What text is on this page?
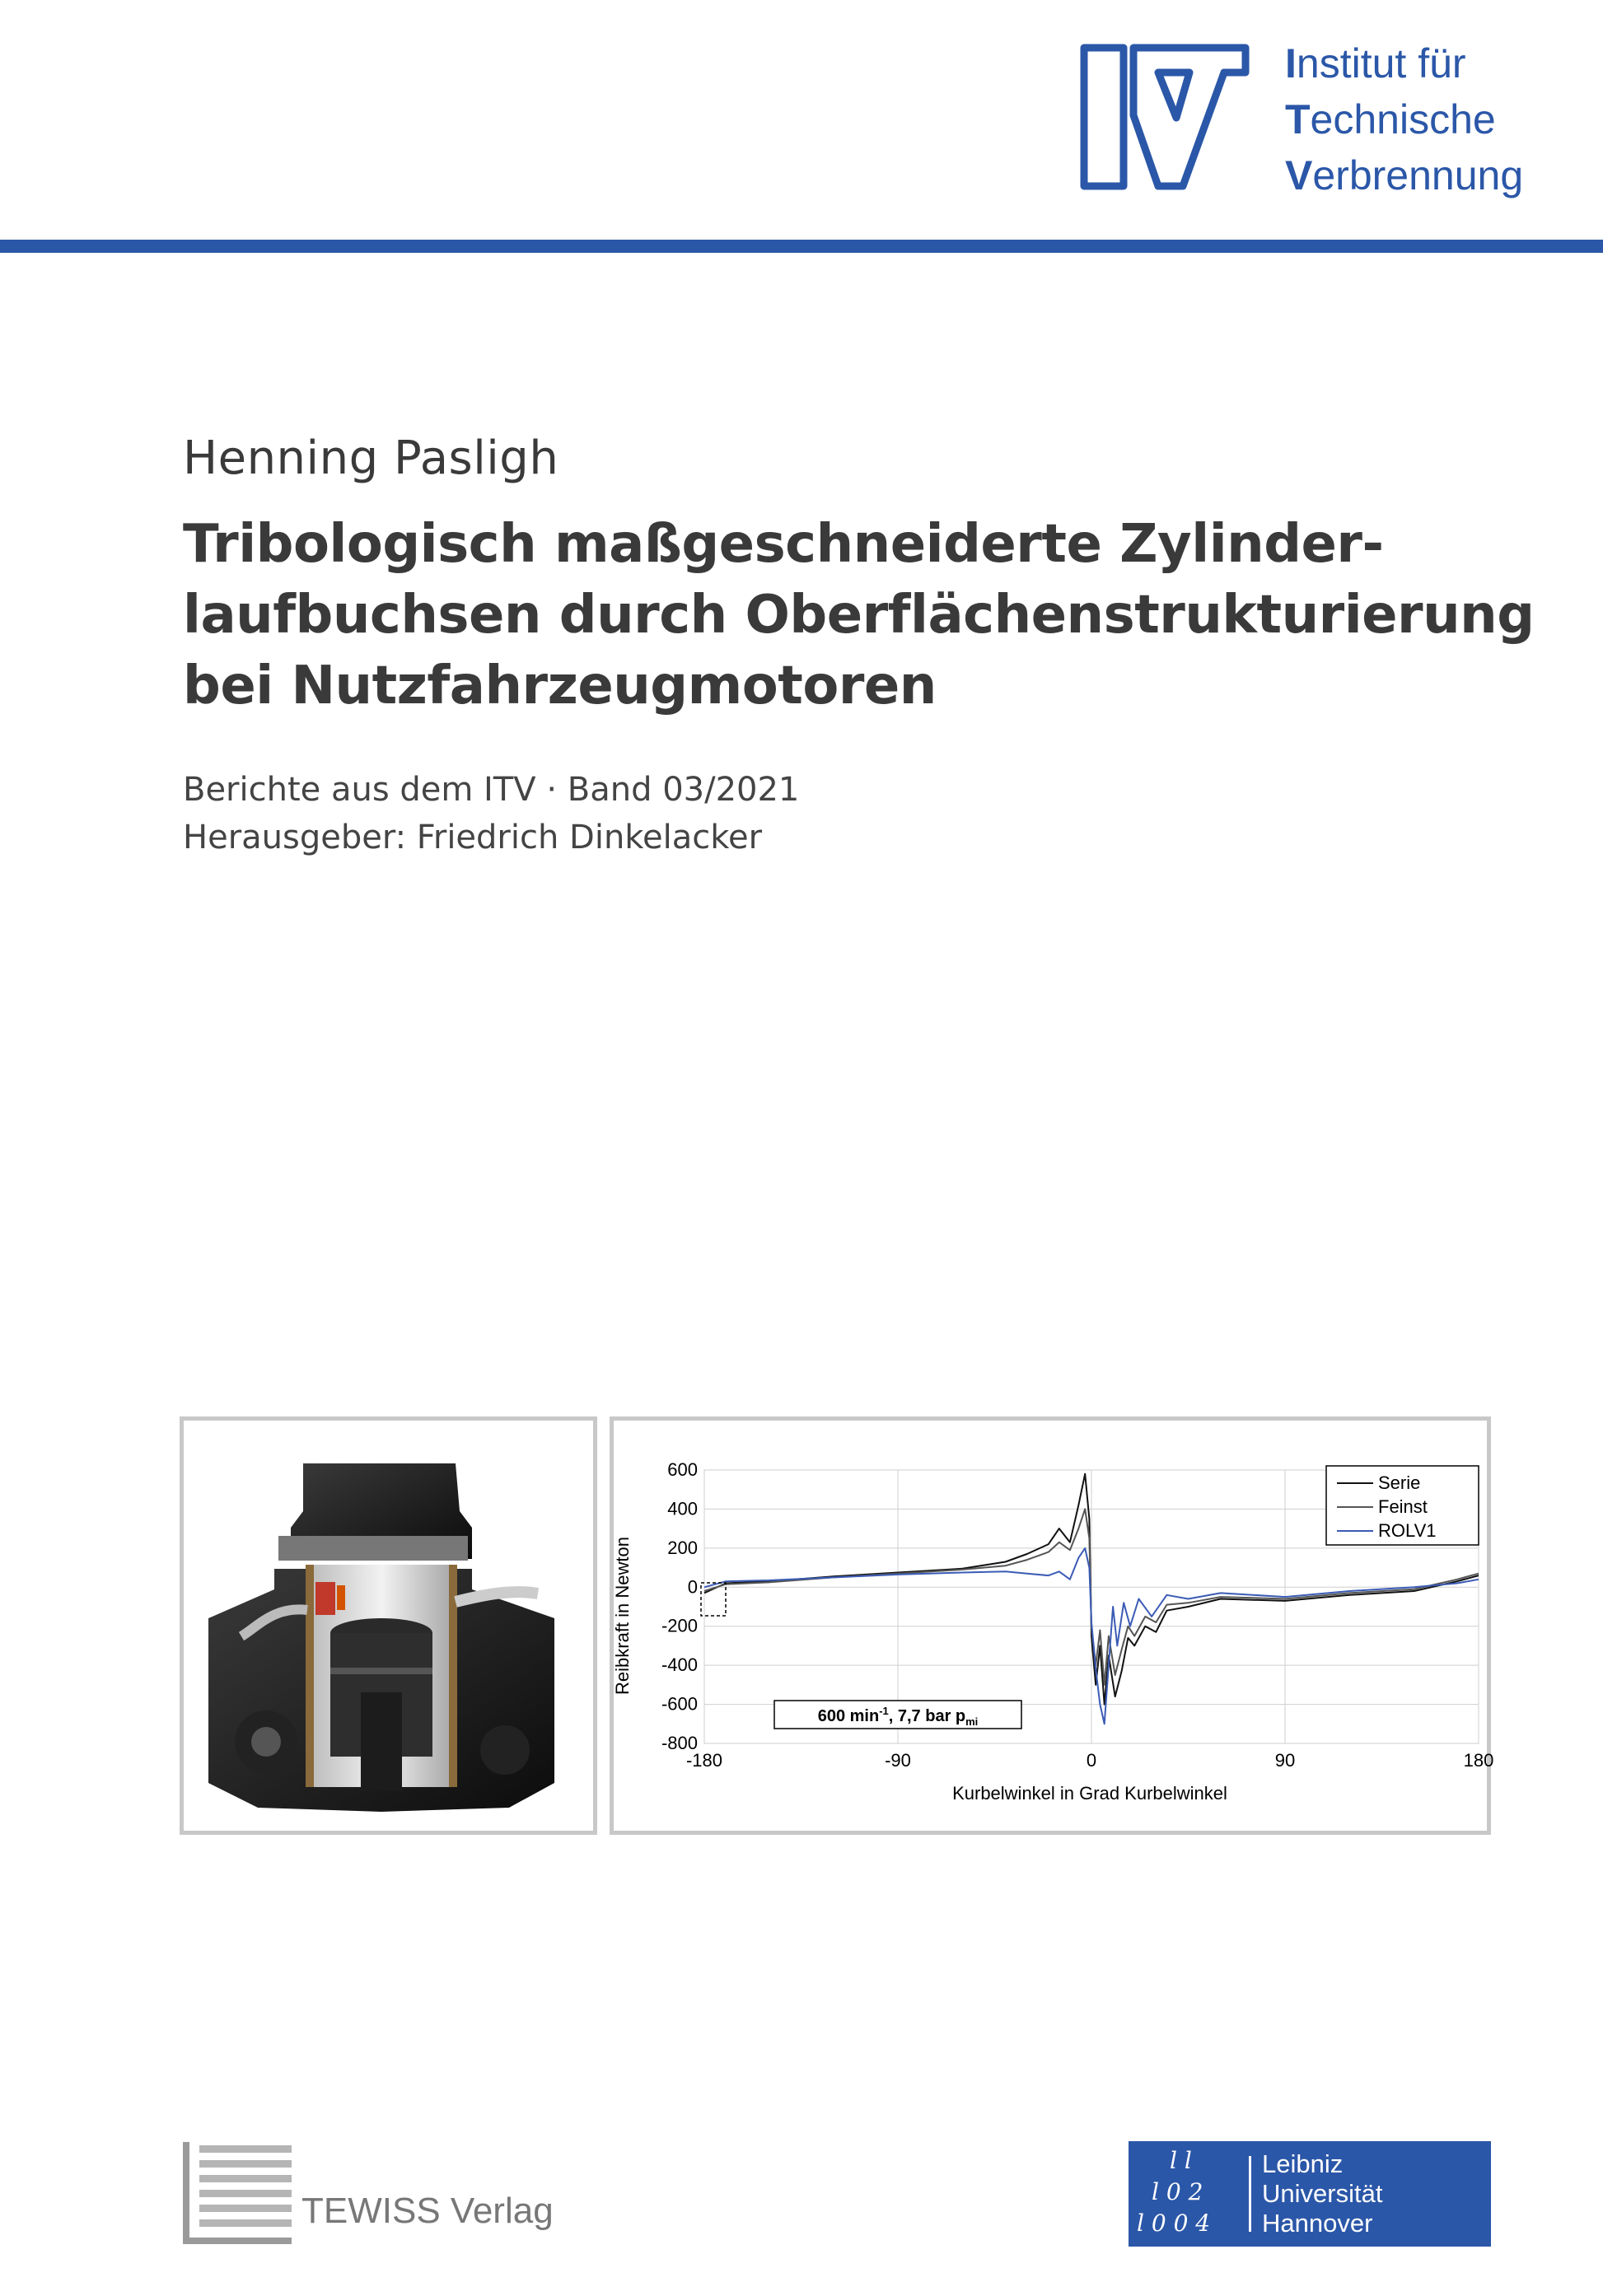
Institut für
Technische
Verbrennung
Henning Pasligh
Tribologisch maßgeschneiderte Zylinder-
laufbuchsen durch Oberflächenstrukturierung
bei Nutzfahrzeugmotoren
Berichte aus dem ITV · Band 03/2021
Herausgeber: Friedrich Dinkelacker
600
400
200
0
-200
-400
-600
-800
-180	-90	0	90	180
600 $\min^{-1}$, 7,7 bar $p_{mi}$
Reibkraft in Newton
Kurbelwinkel in Grad Kurbelwinkel
Serie
Feinst
ROLV1
TEWISS Verlag
l l
l 0 2
l 0 0 4
Leibniz
Universität
Hannover
